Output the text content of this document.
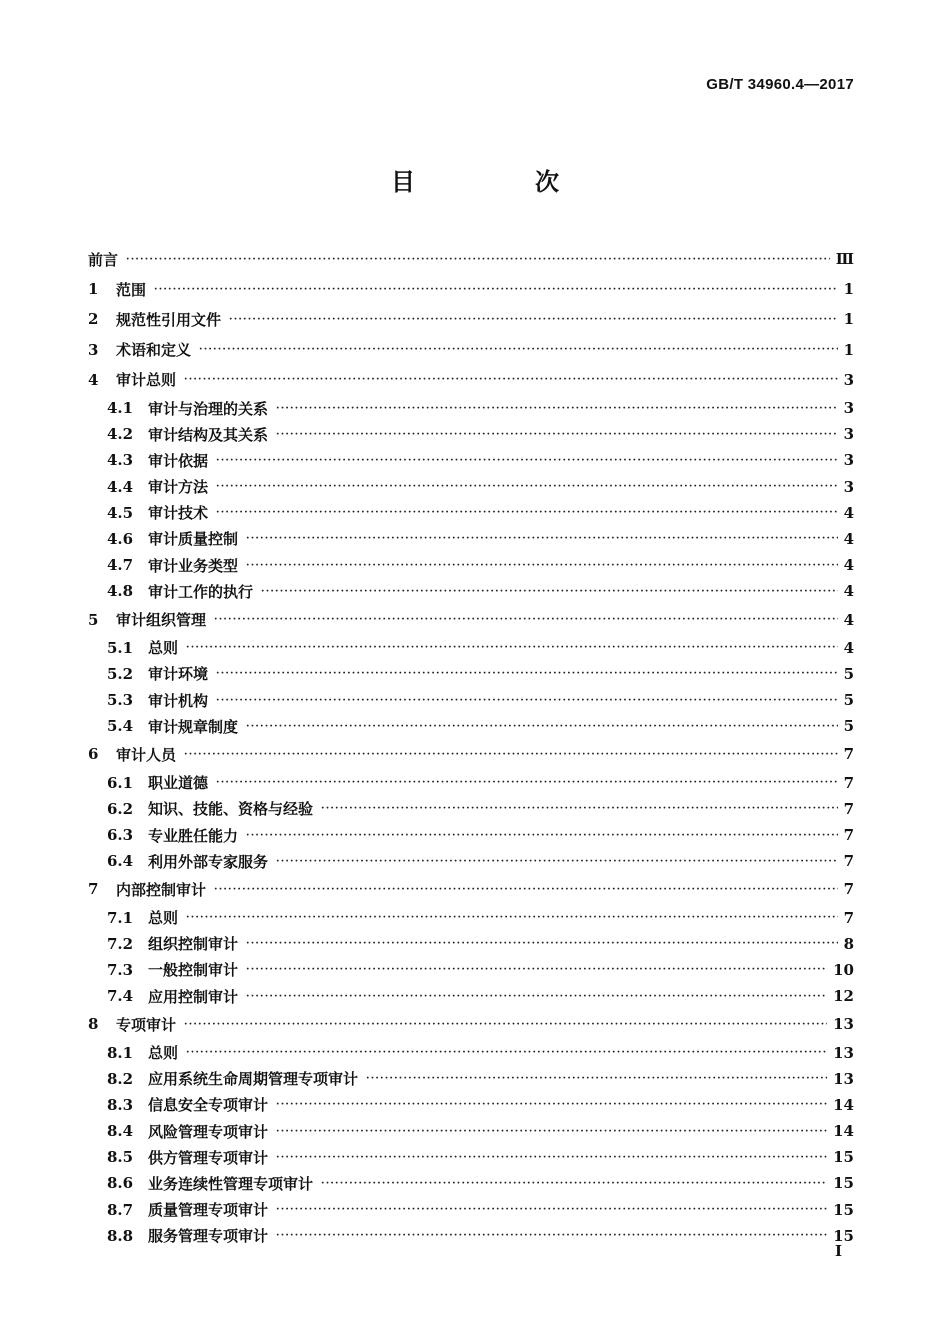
GB/T 34960.4—2017
目　次
前言 ·····	Ⅲ
1	范围 ·····	1
2	规范性引用文件 ·····	1
3	术语和定义 ·····	1
4	审计总则 ·····	3
4.1 审计与治理的关系 ·····	3
4.2 审计结构及其关系 ·····	3
4.3 审计依据 ·····	3
4.4 审计方法 ·····	3
4.5 审计技术 ·····	4
4.6 审计质量控制 ·····	4
4.7 审计业务类型 ·····	4
4.8 审计工作的执行 ·····	4
5	审计组织管理 ·····	4
5.1 总则 ·····	4
5.2 审计环境 ·····	5
5.3 审计机构 ·····	5
5.4 审计规章制度 ·····	5
6	审计人员 ·····	7
6.1 职业道德 ·····	7
6.2 知识、技能、资格与经验 ·····	7
6.3 专业胜任能力 ·····	7
6.4 利用外部专家服务 ·····	7
7	内部控制审计 ·····	7
7.1 总则 ·····	7
7.2 组织控制审计 ·····	8
7.3 一般控制审计 ·····	10
7.4 应用控制审计 ·····	12
8	专项审计 ·····	13
8.1 总则 ·····	13
8.2 应用系统生命周期管理专项审计 ·····	13
8.3 信息安全专项审计 ·····	14
8.4 风险管理专项审计 ·····	14
8.5 供方管理专项审计 ·····	15
8.6 业务连续性管理专项审计 ·····	15
8.7 质量管理专项审计 ·····	15
8.8 服务管理专项审计 ·····	15
I
